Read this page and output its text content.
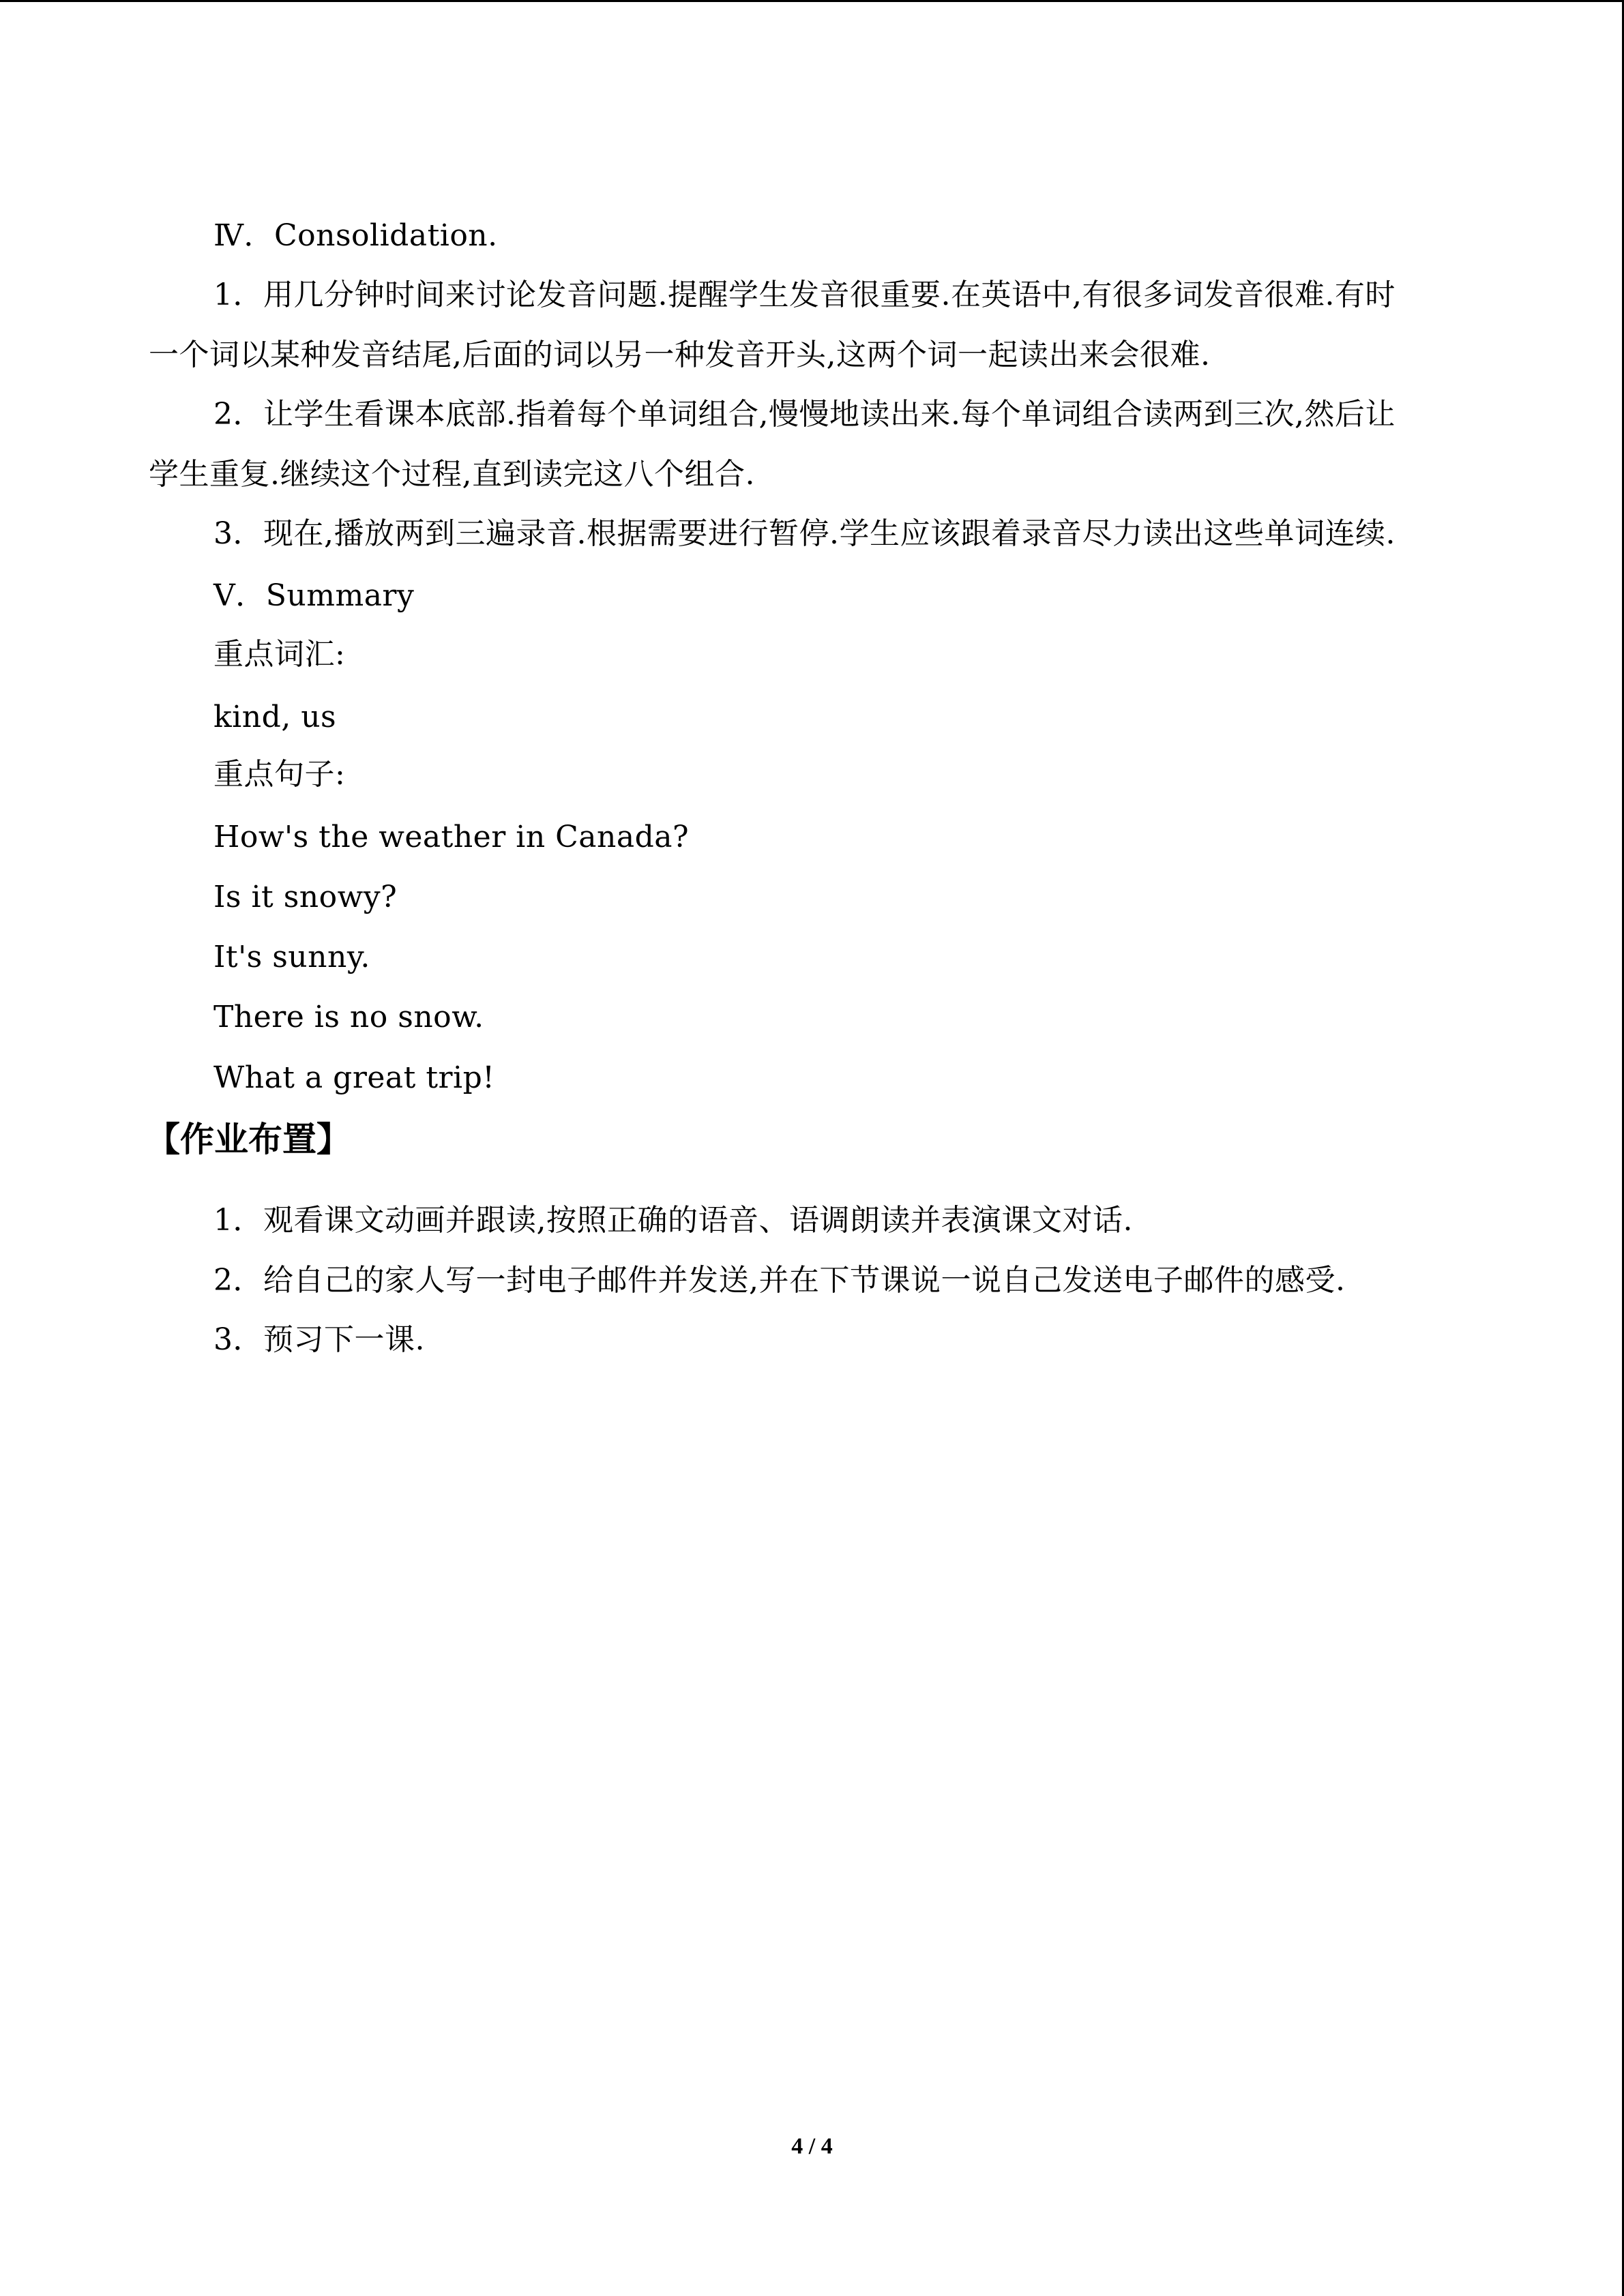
Ⅳ．Consolidation.
1．用几分钟时间来讨论发音问题.提醒学生发音很重要.在英语中,有很多词发音很难.有时
一个词以某种发音结尾,后面的词以另一种发音开头,这两个词一起读出来会很难.
2．让学生看课本底部.指着每个单词组合,慢慢地读出来.每个单词组合读两到三次,然后让
学生重复.继续这个过程,直到读完这八个组合.
3．现在,播放两到三遍录音.根据需要进行暂停.学生应该跟着录音尽力读出这些单词连续.
Ⅴ．Summary
重点词汇:
kind, us
重点句子:
How's the weather in Canada?
Is it snowy?
It's sunny.
There is no snow.
What a great trip!
【作业布置】
1．观看课文动画并跟读,按照正确的语音、语调朗读并表演课文对话.
2．给自己的家人写一封电子邮件并发送,并在下节课说一说自己发送电子邮件的感受.
3．预习下一课.
4 / 4
